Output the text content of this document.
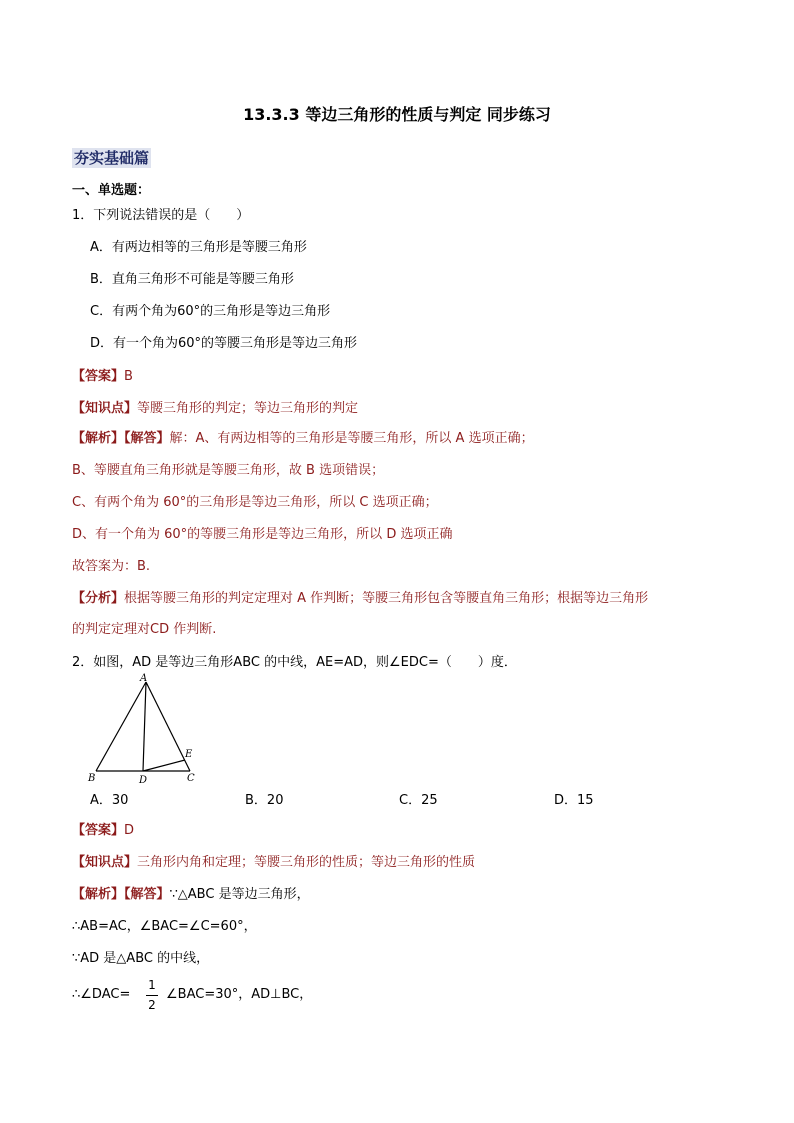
13.3.3 等边三角形的性质与判定 同步练习
夯实基础篇
一、单选题：
1．下列说法错误的是（　　）
A．有两边相等的三角形是等腰三角形
B．直角三角形不可能是等腰三角形
C．有两个角为60°的三角形是等边三角形
D．有一个角为60°的等腰三角形是等边三角形
【答案】B
【知识点】等腰三角形的判定；等边三角形的判定
【解析】【解答】解：A、有两边相等的三角形是等腰三角形，所以 A 选项正确；
B、等腰直角三角形就是等腰三角形，故 B 选项错误；
C、有两个角为 60°的三角形是等边三角形，所以 C 选项正确；
D、有一个角为 60°的等腰三角形是等边三角形，所以 D 选项正确
故答案为：B.
【分析】根据等腰三角形的判定定理对 A 作判断；等腰三角形包含等腰直角三角形；根据等边三角形
的判定定理对CD 作判断.
2．如图，AD 是等边三角形ABC 的中线，AE=AD，则∠EDC=（　　）度．
A
B	C
D
E
A．30	B．20	C．25	D．15
【答案】D
【知识点】三角形内角和定理；等腰三角形的性质；等边三角形的性质
【解析】【解答】∵△ABC 是等边三角形，
∴AB=AC，∠BAC=∠C=60°，
∵AD 是△ABC 的中线，
∴∠DAC=
1
2
∠BAC=30°，AD⊥BC，
